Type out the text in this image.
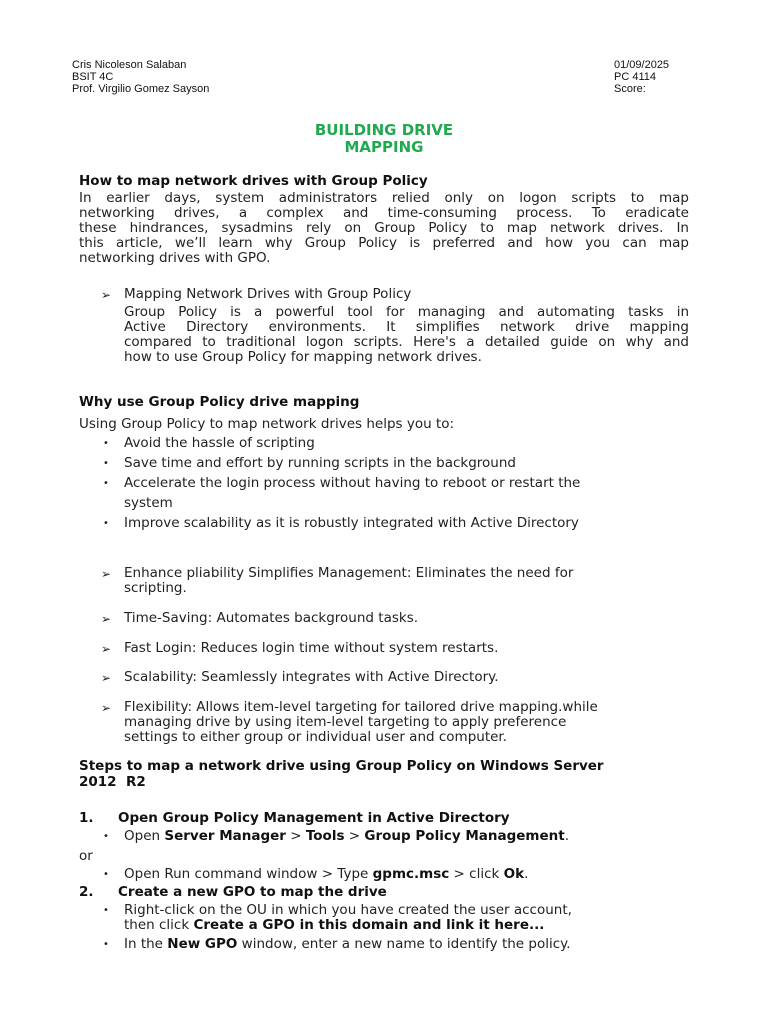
Cris Nicoleson Salaban
BSIT 4C
Prof. Virgilio Gomez Sayson
01/09/2025
PC 4114
Score:
BUILDING DRIVE
MAPPING
How to map network drives with Group Policy
In earlier days, system administrators relied only on logon scripts to map
networking drives, a complex and time-consuming process. To eradicate
these hindrances, sysadmins rely on Group Policy to map network drives. In
this article, we’ll learn why Group Policy is preferred and how you can map
networking drives with GPO.
➢ Mapping Network Drives with Group Policy
Group Policy is a powerful tool for managing and automating tasks in
Active Directory environments. It simplifies network drive mapping
compared to traditional logon scripts. Here's a detailed guide on why and
how to use Group Policy for mapping network drives.
Why use Group Policy drive mapping
Using Group Policy to map network drives helps you to:
• Avoid the hassle of scripting
• Save time and effort by running scripts in the background
• Accelerate the login process without having to reboot or restart the
system
• Improve scalability as it is robustly integrated with Active Directory
➢ Enhance pliability Simplifies Management: Eliminates the need for
scripting.
➢ Time-Saving: Automates background tasks.
➢ Fast Login: Reduces login time without system restarts.
➢ Scalability: Seamlessly integrates with Active Directory.
➢ Flexibility: Allows item-level targeting for tailored drive mapping.while
managing drive by using item-level targeting to apply preference
settings to either group or individual user and computer.
Steps to map a network drive using Group Policy on Windows Server
2012  R2
1. Open Group Policy Management in Active Directory
• Open Server Manager > Tools > Group Policy Management.
or
• Open Run command window > Type gpmc.msc > click Ok.
2. Create a new GPO to map the drive
• Right-click on the OU in which you have created the user account,
then click Create a GPO in this domain and link it here...
• In the New GPO window, enter a new name to identify the policy.
